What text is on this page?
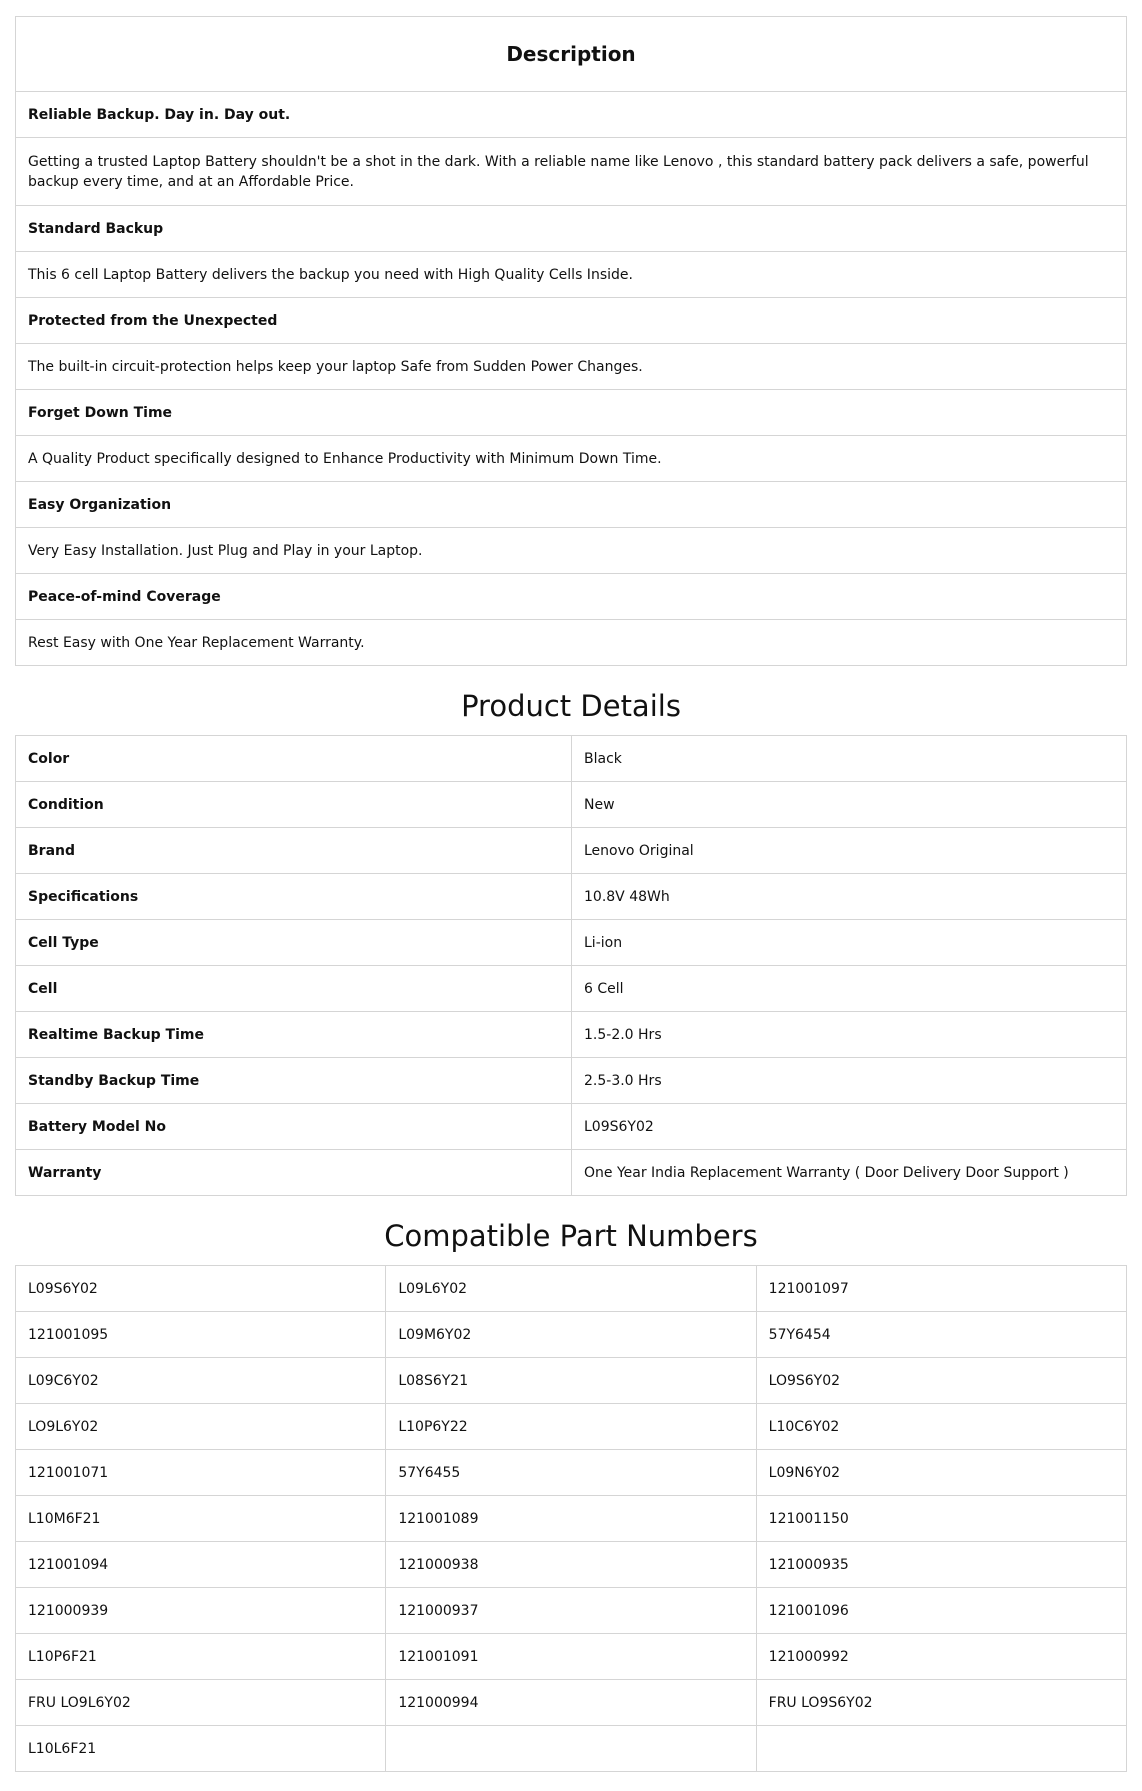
Description
Reliable Backup. Day in. Day out.
Getting a trusted Laptop Battery shouldn't be a shot in the dark. With a reliable name like Lenovo , this standard battery pack delivers a safe, powerful backup every time, and at an Affordable Price.
Standard Backup
This 6 cell Laptop Battery delivers the backup you need with High Quality Cells Inside.
Protected from the Unexpected
The built-in circuit-protection helps keep your laptop Safe from Sudden Power Changes.
Forget Down Time
A Quality Product specifically designed to Enhance Productivity with Minimum Down Time.
Easy Organization
Very Easy Installation. Just Plug and Play in your Laptop.
Peace-of-mind Coverage
Rest Easy with One Year Replacement Warranty.
Product Details
Color	Black
Condition	New
Brand	Lenovo Original
Specifications	10.8V 48Wh
Cell Type	Li-ion
Cell	6 Cell
Realtime Backup Time	1.5-2.0 Hrs
Standby Backup Time	2.5-3.0 Hrs
Battery Model No	L09S6Y02
Warranty	One Year India Replacement Warranty ( Door Delivery Door Support )
Compatible Part Numbers
L09S6Y02	L09L6Y02	121001097
121001095	L09M6Y02	57Y6454
L09C6Y02	L08S6Y21	LO9S6Y02
LO9L6Y02	L10P6Y22	L10C6Y02
121001071	57Y6455	L09N6Y02
L10M6F21	121001089	121001150
121001094	121000938	121000935
121000939	121000937	121001096
L10P6F21	121001091	121000992
FRU LO9L6Y02	121000994	FRU LO9S6Y02
L10L6F21		
